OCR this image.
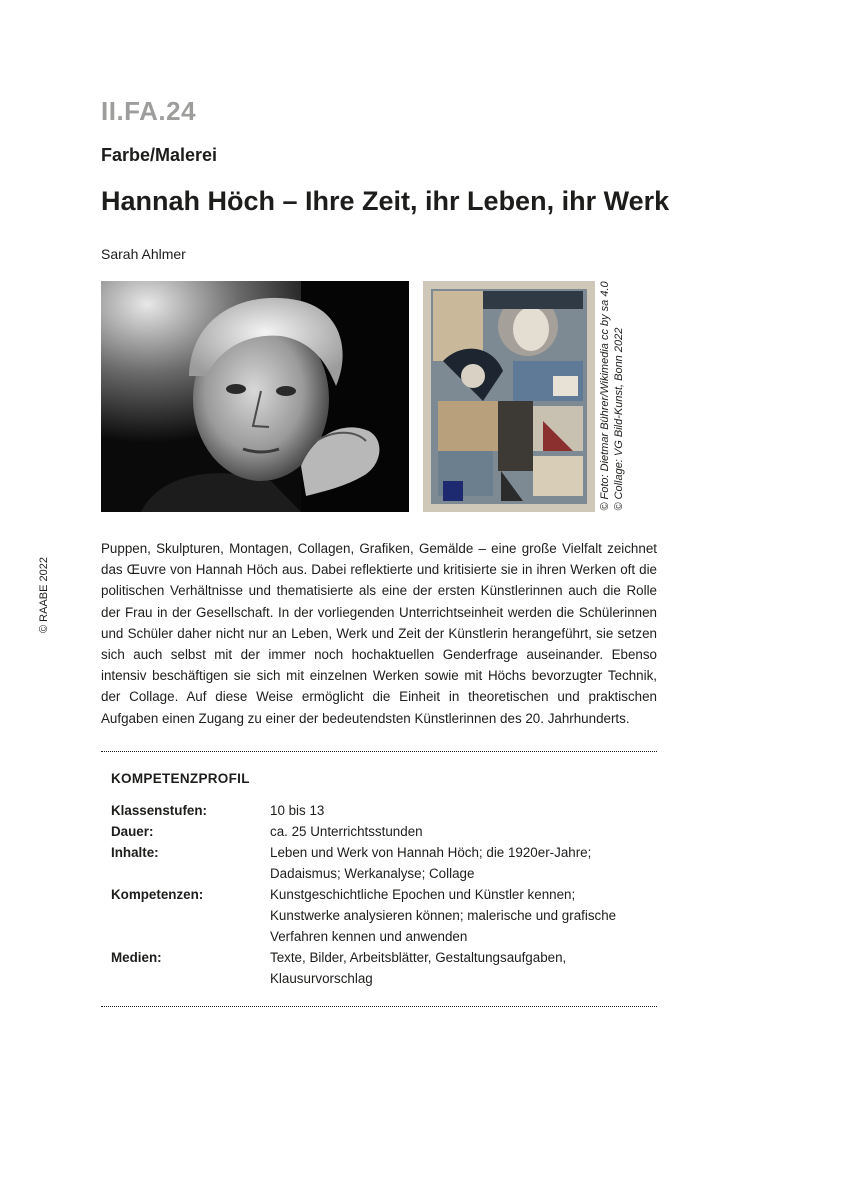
II.FA.24
Farbe/Malerei
Hannah Höch – Ihre Zeit, ihr Leben, ihr Werk
Sarah Ahlmer
© RAABE 2022
© Foto: Dietmar Bührer/Wikimedia cc by sa 4.0 © Collage: VG Bild-Kunst, Bonn 2022

Puppen, Skulpturen, Montagen, Collagen, Grafiken, Gemälde – eine große Vielfalt zeichnet das Œuvre von Hannah Höch aus. Dabei reflektierte und kritisierte sie in ihren Werken oft die politischen Verhältnisse und thematisierte als eine der ersten Künstlerinnen auch die Rolle der Frau in der Gesellschaft. In der vorliegenden Unterrichtseinheit werden die Schülerinnen und Schüler daher nicht nur an Leben, Werk und Zeit der Künstlerin herangeführt, sie setzen sich auch selbst mit der immer noch hochaktuellen Genderfrage auseinander. Ebenso intensiv beschäftigen sie sich mit einzelnen Werken sowie mit Höchs bevorzugter Technik, der Collage. Auf diese Weise ermöglicht die Einheit in theoretischen und praktischen Aufgaben einen Zugang zu einer der bedeutendsten Künstlerinnen des 20. Jahrhunderts.

KOMPETENZPROFIL
Klassenstufen:	10 bis 13
Dauer:	ca. 25 Unterrichtsstunden
Inhalte:	Leben und Werk von Hannah Höch; die 1920er-Jahre; Dadaismus; Werkanalyse; Collage
Kompetenzen:	Kunstgeschichtliche Epochen und Künstler kennen; Kunstwerke analysieren können; malerische und grafische Verfahren kennen und anwenden
Medien:	Texte, Bilder, Arbeitsblätter, Gestaltungsaufgaben, Klausurvorschlag
